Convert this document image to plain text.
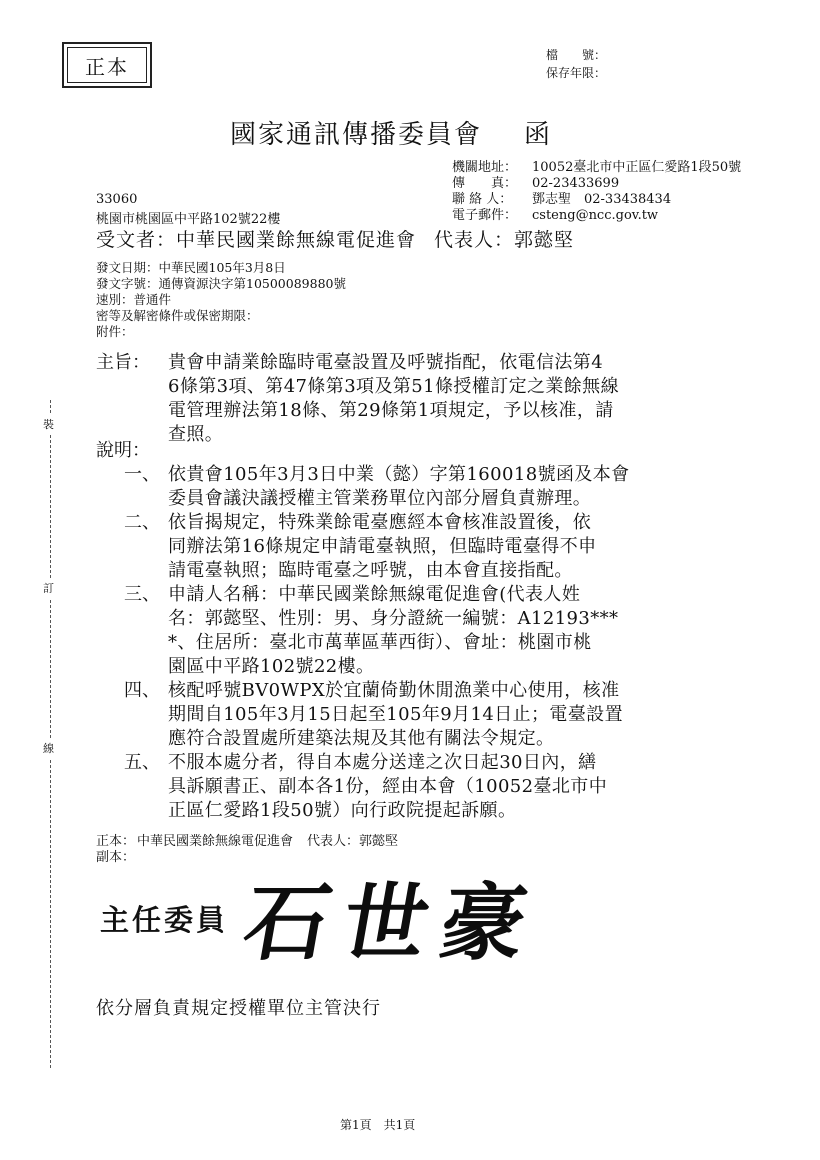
正本	檔　　號：
保存年限：
國家通訊傳播委員會 函
機關地址： 10052臺北市中正區仁愛路1段50號
傳　　真： 02-23433699
聯 絡 人： 鄧志聖　02-33438434
電子郵件： csteng@ncc.gov.tw
33060
桃園市桃園區中平路102號22樓
受文者：中華民國業餘無線電促進會 代表人：郭懿堅
發文日期：中華民國105年3月8日
發文字號：通傳資源決字第10500089880號
速別：普通件
密等及解密條件或保密期限：
附件：
裝
訂
線
主旨： 貴會申請業餘臨時電臺設置及呼號指配，依電信法第4
6條第3項、第47條第3項及第51條授權訂定之業餘無線
電管理辦法第18條、第29條第1項規定，予以核准，請
查照。
說明：
一、 依貴會105年3月3日中業（懿）字第160018號函及本會
委員會議決議授權主管業務單位內部分層負責辦理。
二、 依旨揭規定，特殊業餘電臺應經本會核准設置後，依
同辦法第16條規定申請電臺執照，但臨時電臺得不申
請電臺執照；臨時電臺之呼號，由本會直接指配。
三、 申請人名稱：中華民國業餘無線電促進會(代表人姓
名：郭懿堅、性別：男、身分證統一編號：A12193***
*、住居所：臺北市萬華區華西街）、會址：桃園市桃
園區中平路102號22樓。
四、 核配呼號BV0WPX於宜蘭倚勤休閒漁業中心使用，核准
期間自105年3月15日起至105年9月14日止；電臺設置
應符合設置處所建築法規及其他有關法令規定。
五、 不服本處分者，得自本處分送達之次日起30日內，繕
具訴願書正、副本各1份，經由本會（10052臺北市中
正區仁愛路1段50號）向行政院提起訴願。
正本： 中華民國業餘無線電促進會 代表人：郭懿堅
副本：
主任委員 石世豪
依分層負責規定授權單位主管決行
第1頁　共1頁
